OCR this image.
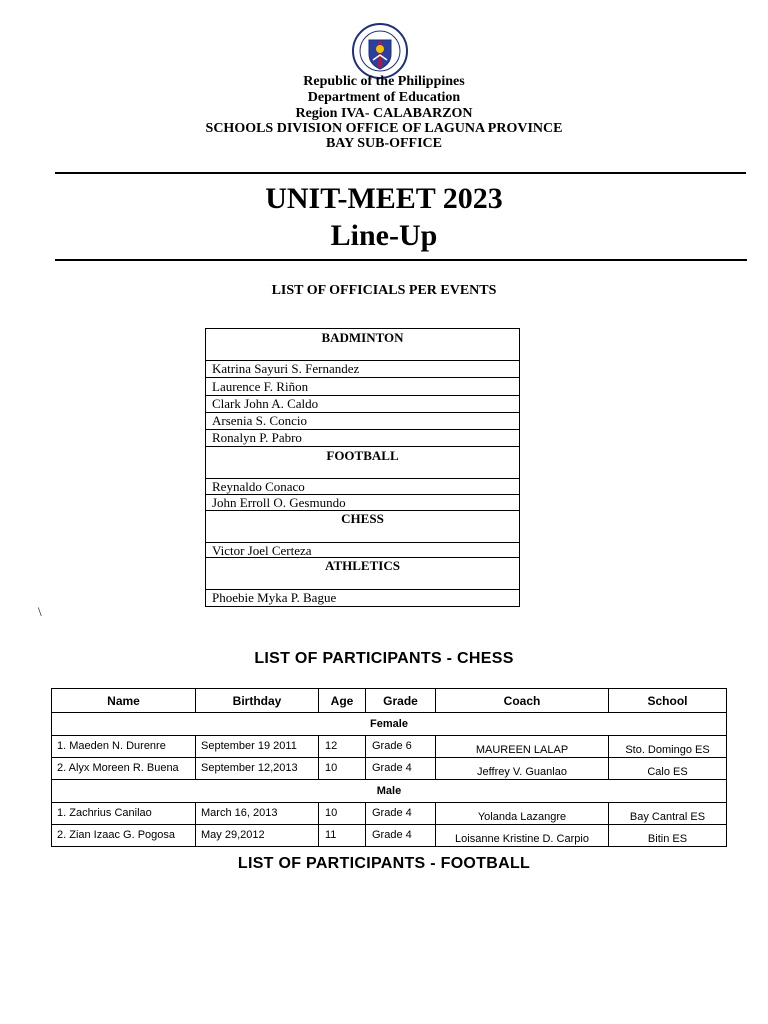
Republic of the Philippines
Department of Education
Region IVA- CALABARZON
SCHOOLS DIVISION OFFICE OF LAGUNA PROVINCE
BAY SUB-OFFICE
UNIT-MEET 2023
Line-Up
LIST OF OFFICIALS PER EVENTS
BADMINTON
Katrina Sayuri S. Fernandez
Laurence F. Riñon
Clark John A. Caldo
Arsenia S. Concio
Ronalyn P. Pabro
FOOTBALL
Reynaldo Conaco
John Erroll O. Gesmundo
CHESS
Victor Joel Certeza
ATHLETICS
Phoebie Myka P. Bague
\
LIST OF PARTICIPANTS - CHESS
Name	Birthday	Age	Grade	Coach	School
Female					
1. Maeden N. Durenre	September 19 2011	12	Grade 6	MAUREEN LALAP	Sto. Domingo ES
2. Alyx Moreen R. Buena	September 12,2013	10	Grade 4	Jeffrey V. Guanlao	Calo ES
Male					
1. Zachrius Canilao	March 16, 2013	10	Grade 4	Yolanda Lazangre	Bay Cantral ES
2. Zian Izaac G. Pogosa	May 29,2012	11	Grade 4	Loisanne Kristine D. Carpio	Bitin ES
LIST OF PARTICIPANTS - FOOTBALL
